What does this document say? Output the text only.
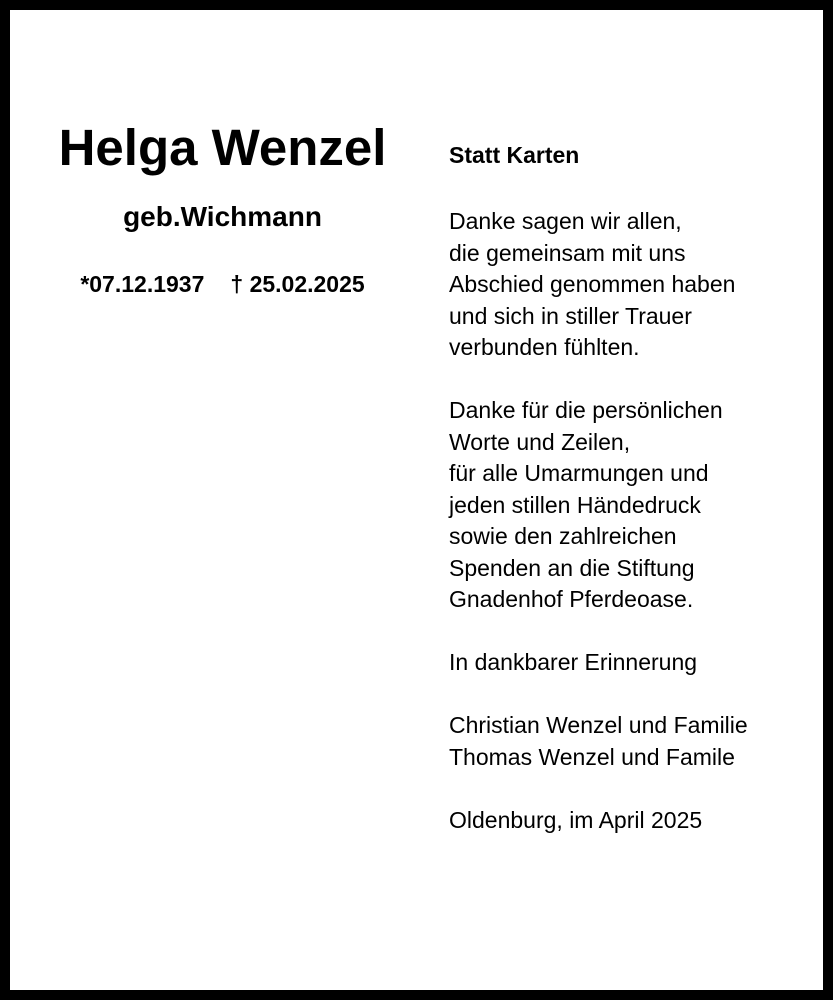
Helga Wenzel
geb.Wichmann
*07.12.1937 † 25.02.2025
Statt Karten
Danke sagen wir allen,
die gemeinsam mit uns
Abschied genommen haben
und sich in stiller Trauer
verbunden fühlten.
Danke für die persönlichen
Worte und Zeilen,
für alle Umarmungen und
jeden stillen Händedruck
sowie den zahlreichen
Spenden an die Stiftung
Gnadenhof Pferdeoase.
In dankbarer Erinnerung
Christian Wenzel und Familie
Thomas Wenzel und Famile
Oldenburg, im April 2025
